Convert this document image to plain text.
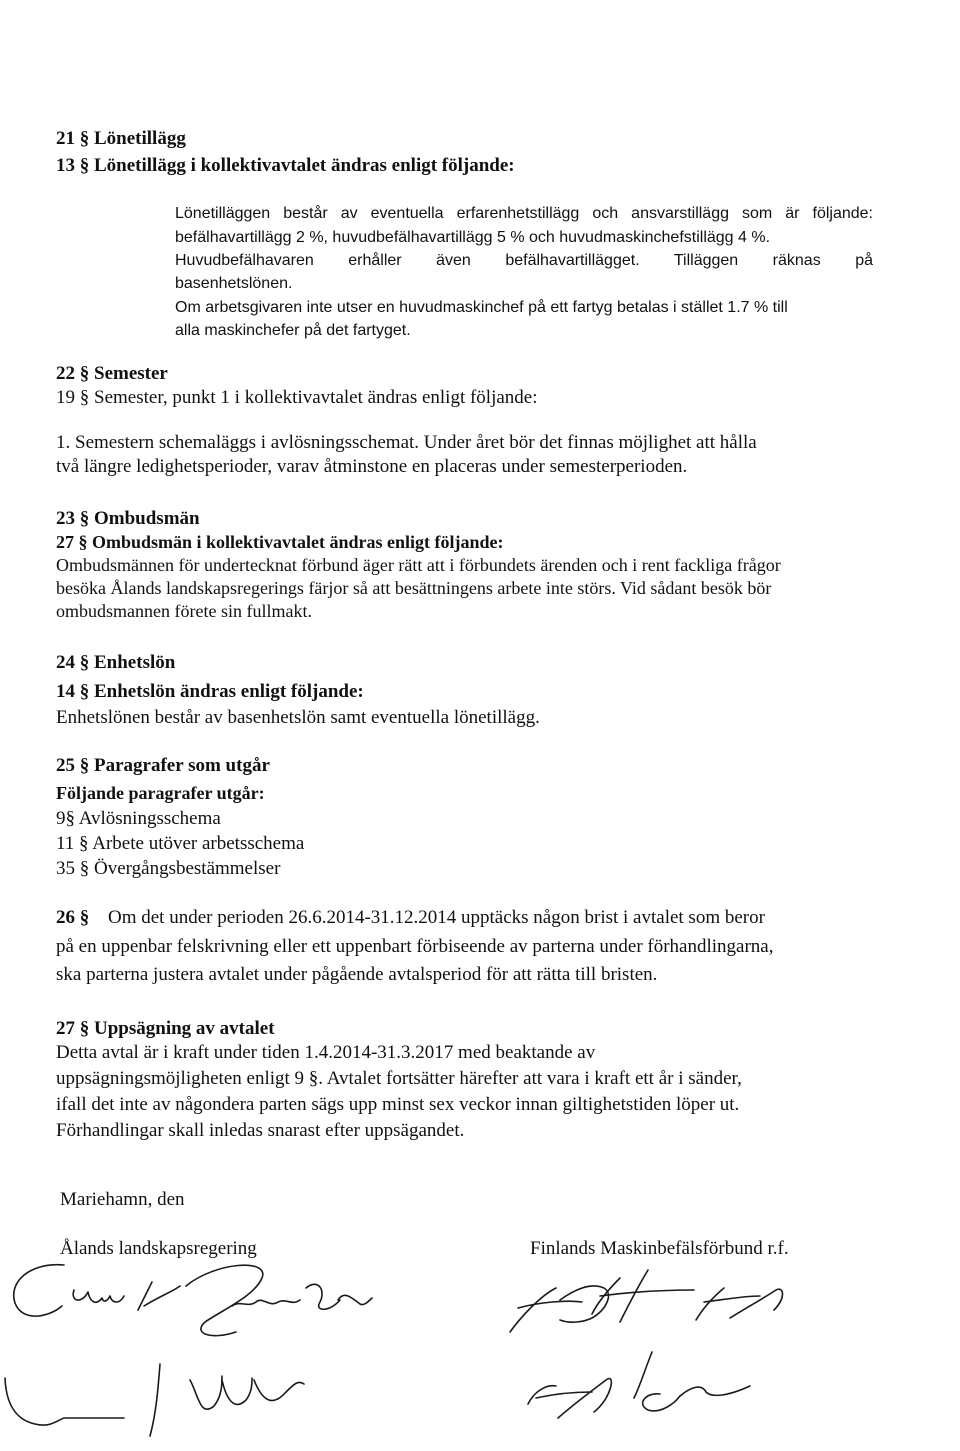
21 § Lönetillägg
13 § Lönetillägg i kollektivavtalet ändras enligt följande:
Lönetilläggen består av eventuella erfarenhetstillägg och ansvarstillägg som är följande:
befälhavartillägg 2 %, huvudbefälhavartillägg 5 % och huvudmaskinchefstillägg 4 %.
Huvudbefälhavaren erhåller även befälhavartillägget. Tilläggen räknas på
basenhetslönen.
Om arbetsgivaren inte utser en huvudmaskinchef på ett fartyg betalas i stället 1.7 % till
alla maskinchefer på det fartyget.
22 § Semester
19 § Semester, punkt 1 i kollektivavtalet ändras enligt följande:
1. Semestern schemaläggs i avlösningsschemat. Under året bör det finnas möjlighet att hålla
två längre ledighetsperioder, varav åtminstone en placeras under semesterperioden.
23 § Ombudsmän
27 § Ombudsmän i kollektivavtalet ändras enligt följande:
Ombudsmännen för undertecknat förbund äger rätt att i förbundets ärenden och i rent fackliga frågor
besöka Ålands landskapsregerings färjor så att besättningens arbete inte störs. Vid sådant besök bör
ombudsmannen förete sin fullmakt.
24 § Enhetslön
14 § Enhetslön ändras enligt följande:
Enhetslönen består av basenhetslön samt eventuella lönetillägg.
25 § Paragrafer som utgår
Följande paragrafer utgår:
9§ Avlösningsschema
11 § Arbete utöver arbetsschema
35 § Övergångsbestämmelser
26 § Om det under perioden 26.6.2014-31.12.2014 upptäcks någon brist i avtalet som beror
på en uppenbar felskrivning eller ett uppenbart förbiseende av parterna under förhandlingarna,
ska parterna justera avtalet under pågående avtalsperiod för att rätta till bristen.
27 § Uppsägning av avtalet
Detta avtal är i kraft under tiden 1.4.2014-31.3.2017 med beaktande av
uppsägningsmöjligheten enligt 9 §. Avtalet fortsätter härefter att vara i kraft ett år i sänder,
ifall det inte av någondera parten sägs upp minst sex veckor innan giltighetstiden löper ut.
Förhandlingar skall inledas snarast efter uppsägandet.
Mariehamn, den
Ålands landskapsregering	Finlands Maskinbefälsförbund r.f.
